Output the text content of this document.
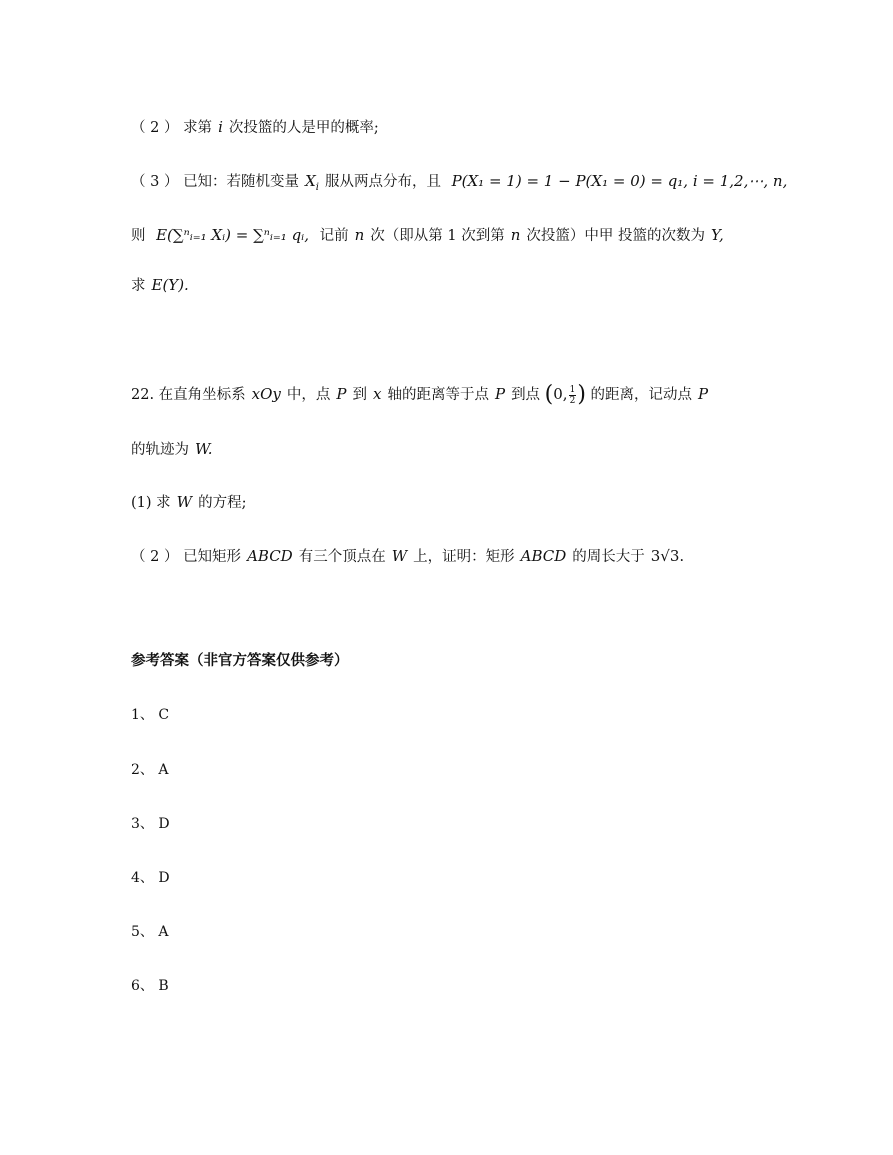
（ 2 ） 求第 i 次投篮的人是甲的概率;
（ 3 ） 已知：若随机变量 $X_i$ 服从两点分布，且 P(X₁ = 1) = 1 − P(X₁ = 0) = q₁, i = 1,2,⋯, n,
则 E(∑ⁿᵢ₌₁ Xᵢ) = ∑ⁿᵢ₌₁ qᵢ, 记前 n 次（即从第 1 次到第 n 次投篮）中甲 投篮的次数为 Y,
求 E(Y).
22. 在直角坐标系 xOy 中，点 P 到 x 轴的距离等于点 P 到点 (0, $\frac{1}{2}$ ) 的距离，记动点 P
的轨迹为 W.
(1) 求 W 的方程;
（ 2 ） 已知矩形 ABCD 有三个顶点在 W 上，证明：矩形 ABCD 的周长大于 3√3.
参考答案（非官方答案仅供参考）
1、 C
2、 A
3、 D
4、 D
5、 A
6、 B
